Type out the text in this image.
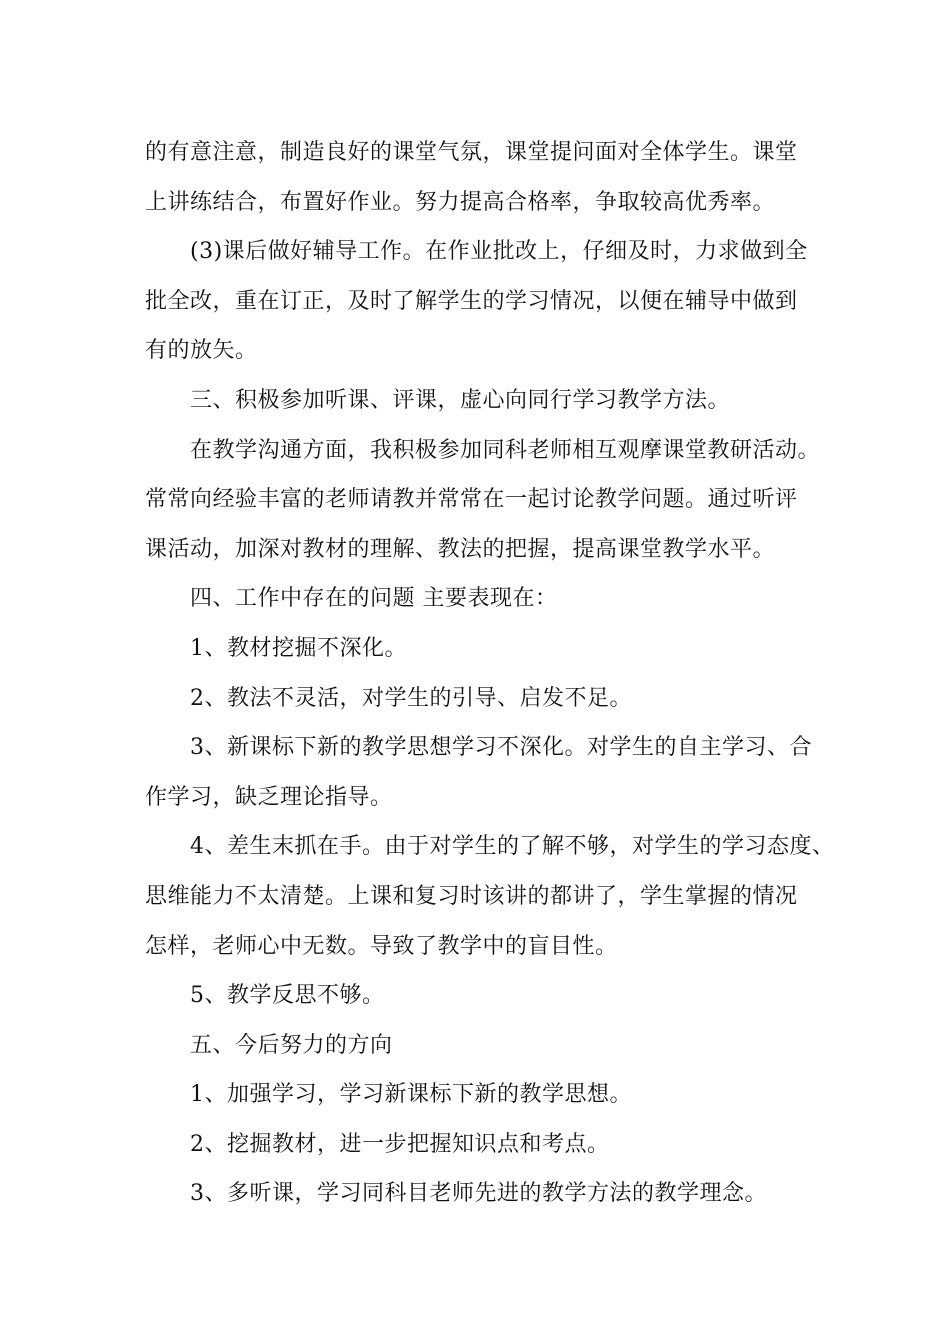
的有意注意，制造良好的课堂气氛，课堂提问面对全体学生。课堂

上讲练结合，布置好作业。努力提高合格率，争取较高优秀率。

(3)课后做好辅导工作。在作业批改上，仔细及时，力求做到全

批全改，重在订正，及时了解学生的学习情况，以便在辅导中做到

有的放矢。

三、积极参加听课、评课，虚心向同行学习教学方法。

在教学沟通方面，我积极参加同科老师相互观摩课堂教研活动。

常常向经验丰富的老师请教并常常在一起讨论教学问题。通过听评

课活动，加深对教材的理解、教法的把握，提高课堂教学水平。

四、工作中存在的问题 主要表现在：

1、教材挖掘不深化。

2、教法不灵活，对学生的引导、启发不足。

3、新课标下新的教学思想学习不深化。对学生的自主学习、合

作学习，缺乏理论指导。

4、差生末抓在手。由于对学生的了解不够，对学生的学习态度、

思维能力不太清楚。上课和复习时该讲的都讲了，学生掌握的情况

怎样，老师心中无数。导致了教学中的盲目性。

5、教学反思不够。

五、今后努力的方向

1、加强学习，学习新课标下新的教学思想。

2、挖掘教材，进一步把握知识点和考点。

3、多听课，学习同科目老师先进的教学方法的教学理念。
